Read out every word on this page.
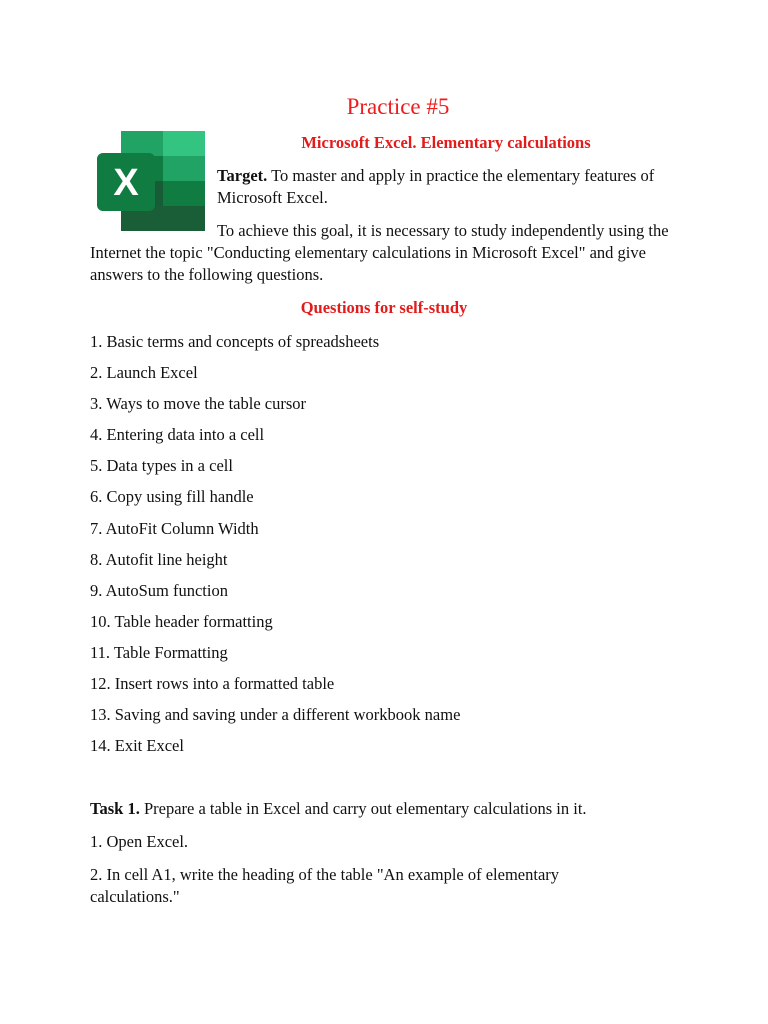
Practice #5
X
Microsoft Excel. Elementary calculations
Target. To master and apply in practice the elementary features of Microsoft Excel.
To achieve this goal, it is necessary to study independently using the Internet the topic "Conducting elementary calculations in Microsoft Excel" and give answers to the following questions.
Questions for self-study
1. Basic terms and concepts of spreadsheets
2. Launch Excel
3. Ways to move the table cursor
4. Entering data into a cell
5. Data types in a cell
6. Copy using fill handle
7. AutoFit Column Width
8. Autofit line height
9. AutoSum function
10. Table header formatting
11. Table Formatting
12. Insert rows into a formatted table
13. Saving and saving under a different workbook name
14. Exit Excel
Task 1. Prepare a table in Excel and carry out elementary calculations in it.
1. Open Excel.
2. In cell A1, write the heading of the table "An example of elementary calculations."
